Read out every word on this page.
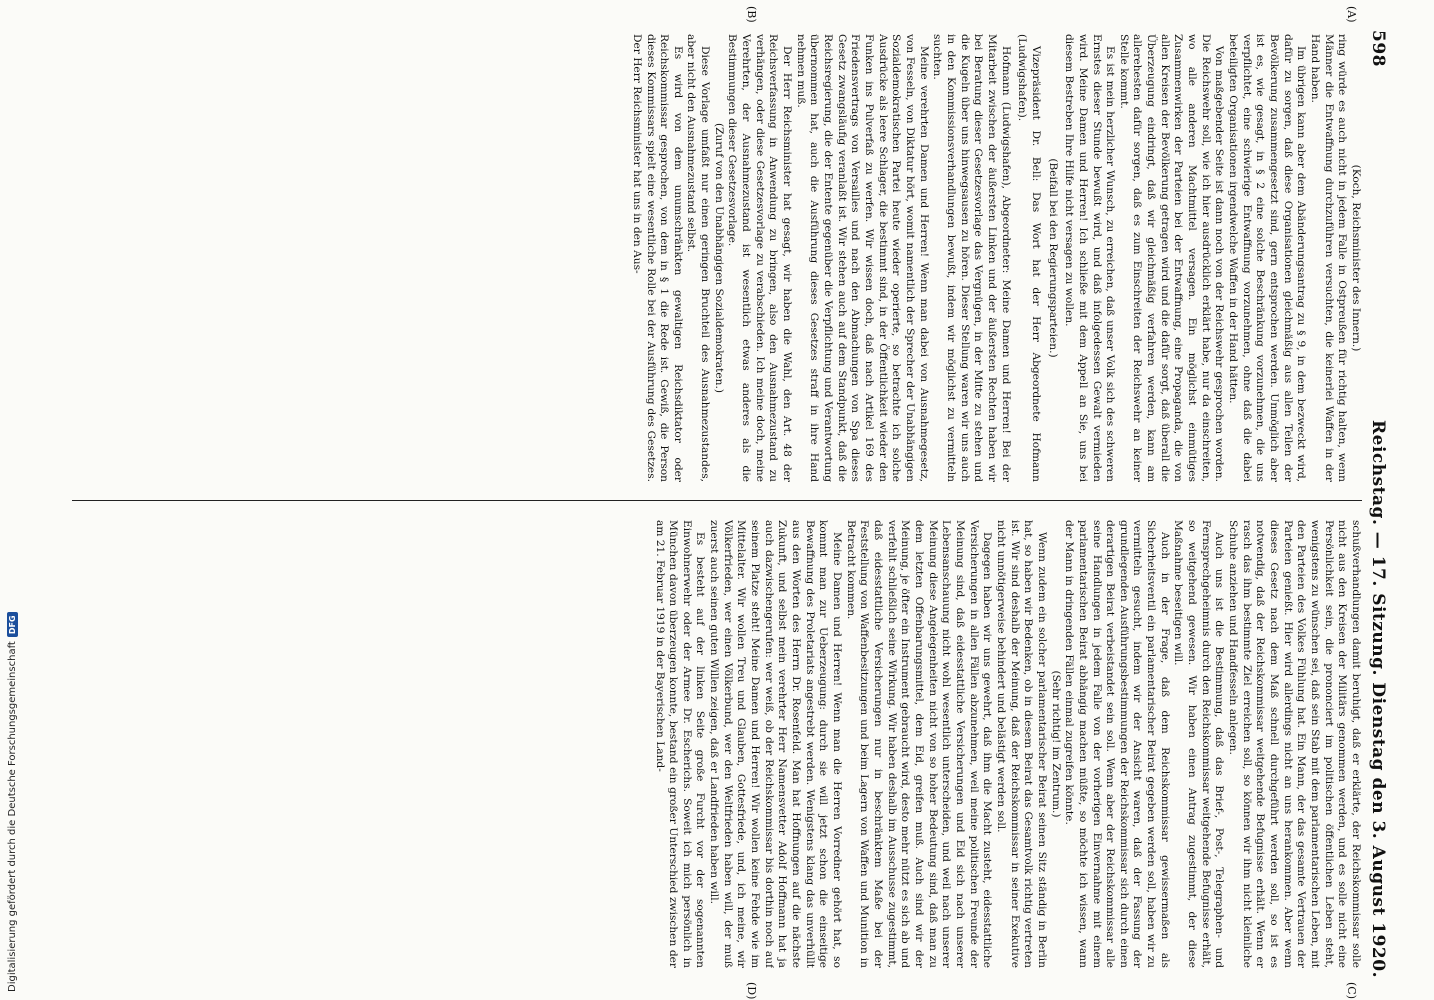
598
Reichstag. — 17. Sitzung. Dienstag den 3. August 1920.
(A)
(B)
(C)
(D)

(Koch, Reichsminister des Innern.)

ring würde es auch nicht in jedem Falle in Ostpreußen für richtig halten, wenn Männer die Entwaffnung durchzuführen versuchten, die keinerlei Waffen in der Hand haben.

Im übrigen kann aber dem Abänderungsantrag zu § 9, in dem bezweckt wird, dafür zu sorgen, daß diese Organisationen gleichmäßig aus allen Teilen der Bevölkerung zusammengesetzt sind, gern entsprochen werden. Unmöglich aber ist es, wie gesagt, in § 2 eine solche Beschränkung vorzunehmen, die uns verpflichtet, eine schwierige Entwaffnung vorzunehmen, ohne daß die dabei beteiligten Organisationen irgendwelche Waffen in der Hand hätten.

Von maßgebender Seite ist dann noch von der Reichswehr gesprochen worden. Die Reichswehr soll, wie ich hier ausdrücklich erklärt habe, nur da einschreiten, wo alle anderen Machtmittel versagen. Ein möglichst einmütiges Zusammenwirken der Parteien bei der Entwaffnung, eine Propaganda, die von allen Kreisen der Bevölkerung getragen wird und die dafür sorgt, daß überall die Überzeugung eindringt, daß wir gleichmäßig verfahren werden, kann am allerehesten dafür sorgen, daß es zum Einschreiten der Reichswehr an keiner Stelle kommt.

Es ist mein herzlicher Wunsch, zu erreichen, daß unser Volk sich des schweren Ernstes dieser Stunde bewußt wird, und daß infolgedessen Gewalt vermieden wird. Meine Damen und Herren! Ich schließe mit dem Appell an Sie, uns bei diesem Bestreben Ihre Hilfe nicht versagen zu wollen.

(Beifall bei den Regierungsparteien.)

Vizepräsident Dr. Bell: Das Wort hat der Herr Abgeordnete Hofmann (Ludwigshafen).

Hofmann (Ludwigshafen), Abgeordneter: Meine Damen und Herren! Bei der Mitarbeit zwischen der äußersten Linken und der äußersten Rechten haben wir bei Beratung dieser Gesetzesvorlage das Vergnügen, in der Mitte zu stehen und die Kugeln über uns hinwegsausen zu hören. Dieser Stellung waren wir uns auch in den Kommissionsverhandlungen bewußt, indem wir möglichst zu vermitteln suchten.

Meine verehrten Damen und Herren! Wenn man dabei von Ausnahmegesetz, von Fesseln, von Diktatur hört, womit namentlich der Sprecher der Unabhängigen Sozialdemokratischen Partei heute wieder operierte, so betrachte ich solche Ausdrücke als leere Schlager, die bestimmt sind, in der Öffentlichkeit wieder den Funken ins Pulverfaß zu werfen. Wir wissen doch, daß nach Artikel 169 des Friedensvertrags von Versailles und nach den Abmachungen von Spa dieses Gesetz zwangsläufig veranlaßt ist. Wir stehen auch auf dem Standpunkt, daß die Reichsregierung, die der Entente gegenüber die Verpflichtung und Verantwortung übernommen hat, auch die Ausführung dieses Gesetzes straff in ihre Hand nehmen muß.

Der Herr Reichsminister hat gesagt, wir haben die Wahl, den Art. 48 der Reichsverfassung in Anwendung zu bringen, also den Ausnahmezustand zu verhängen, oder diese Gesetzesvorlage zu verabschieden. Ich meine doch, meine Verehrten, der Ausnahmezustand ist wesentlich etwas anderes als die Bestimmungen dieser Gesetzesvorlage.

(Zuruf von den Unabhängigen Sozialdemokraten.)

Diese Vorlage umfaßt nur einen geringen Bruchteil des Ausnahmezustandes, aber nicht den Ausnahmezustand selbst.

Es wird von dem unumschränkten gewaltigen Reichsdiktator oder Reichskommissar gesprochen, von dem in § 1 die Rede ist. Gewiß, die Person dieses Kommissars spielt eine wesentliche Rolle bei der Ausführung des Gesetzes. Der Herr Reichsminister hat uns in den Aus-

schußverhandlungen damit beruhigt, daß er erklärte, der Reichskommissar solle nicht aus den Kreisen der Militärs genommen werden, und es solle nicht eine Persönlichkeit sein, die prononciert im politischen öffentlichen Leben steht, wenigstens zu wünschen sei, daß sein Stab mit dem parlamentarischen Leben, mit den Parteien des Volkes Fühlung hat. Ein Mann, der das gesamte Vertrauen der Parteien genießt. Hier wird allerdings nicht an uns herankommen. Aber wenn dieses Gesetz nach dem Maß schnell durchgeführt werden soll, so ist es notwendig, daß der Reichskommissar weitgehende Befugnisse erhält. Wenn er rasch das ihm bestimmte Ziel erreichen soll, so können wir ihm nicht kleinliche Schuhe anziehen und Handfesseln anlegen.

Auch uns ist die Bestimmung, daß das Brief-, Post-, Telegraphen- und Fernsprechgeheimnis durch den Reichskommissar weitgehende Befugnisse erhält, so weitgehend gewesen. Wir haben einen Antrag zugestimmt, der diese Maßnahme beseitigen will.

Auch in der Frage, daß dem Reichskommissar gewissermaßen als Sicherheitsventil ein parlamentarischer Beirat gegeben werden soll, haben wir zu vermitteln gesucht, indem wir der Ansicht waren, daß der Fassung der grundlegenden Ausführungsbestimmungen der Reichskommissar sich durch einen derartigen Beirat verbeistandet sein soll. Wenn aber der Reichskommissar alle seine Handlungen in jedem Falle von der vorherigen Einvernahme mit einem parlamentarischen Beirat abhängig machen müßte, so möchte ich wissen, wann der Mann in dringenden Fällen einmal zugreifen könnte.

(Sehr richtig! im Zentrum.)

Wenn zudem ein solcher parlamentarischer Beirat seinen Sitz ständig in Berlin hat, so haben wir Bedenken, ob in diesem Beirat das Gesamtvolk richtig vertreten ist. Wir sind deshalb der Meinung, daß der Reichskommissar in seiner Exekutive nicht unnötigerweise behindert und belästigt werden soll.

Dagegen haben wir uns gewehrt, daß ihm die Macht zusteht, eidesstattliche Versicherungen in allen Fällen abzunehmen, weil meine politischen Freunde der Meinung sind, daß eidesstattliche Versicherungen und Eid sich nach unserer Lebensanschauung nicht wohl wesentlich unterscheiden, und weil nach unserer Meinung diese Angelegenheiten nicht von so hoher Bedeutung sind, daß man zu dem letzten Offenbarungsmittel, dem Eid, greifen muß. Auch sind wir der Meinung, je öfter ein Instrument gebraucht wird, desto mehr nützt es sich ab und verfehlt schließlich seine Wirkung. Wir haben deshalb im Ausschusse zugestimmt, daß eidesstattliche Versicherungen nur in beschränktem Maße bei der Feststellung von Waffenbesitzungen und beim Lagern von Waffen und Munition in Betracht kommen.

Meine Damen und Herren! Wenn man die Herren Vorredner gehört hat, so kommt man zur Ueberzeugung: durch sie will jetzt schon die einseitige Bewaffnung des Proletariats angestrebt werden. Wenigstens klang das unverhüllt aus den Worten des Herrn Dr. Rosenfeld. Man hat Hoffnungen auf die nächste Zukunft, und selbst mein verehrter Herr Namensvetter Adolf Hoffmann hat ja auch dazwischengerufen: wer weiß, ob der Reichskommissar bis dorthin noch auf seinem Platze steht! Meine Damen und Herren! Wir wollen keine Fehde wie im Mittelalter. Wir wollen Treu und Glauben, Gottesfriede, und, ich meine, wir Völkerfrieden, wer einen Völkerbund, wer den Weltfrieden haben will, der muß zuerst auch seinen guten Willen zeigen, daß er Landfrieden haben will.

Es besteht auf der linken Seite große Furcht vor der sogenannten Einwohnerwehr oder der Armee Dr. Escherichs. Soweit ich mich persönlich in München davon überzeugen konnte, bestand ein großer Unterschied zwischen der am 21. Februar 1919 in der Bayerischen Land-

Digitalisierung gefördert durch die Deutsche Forschungsgemeinschaft
DFG
